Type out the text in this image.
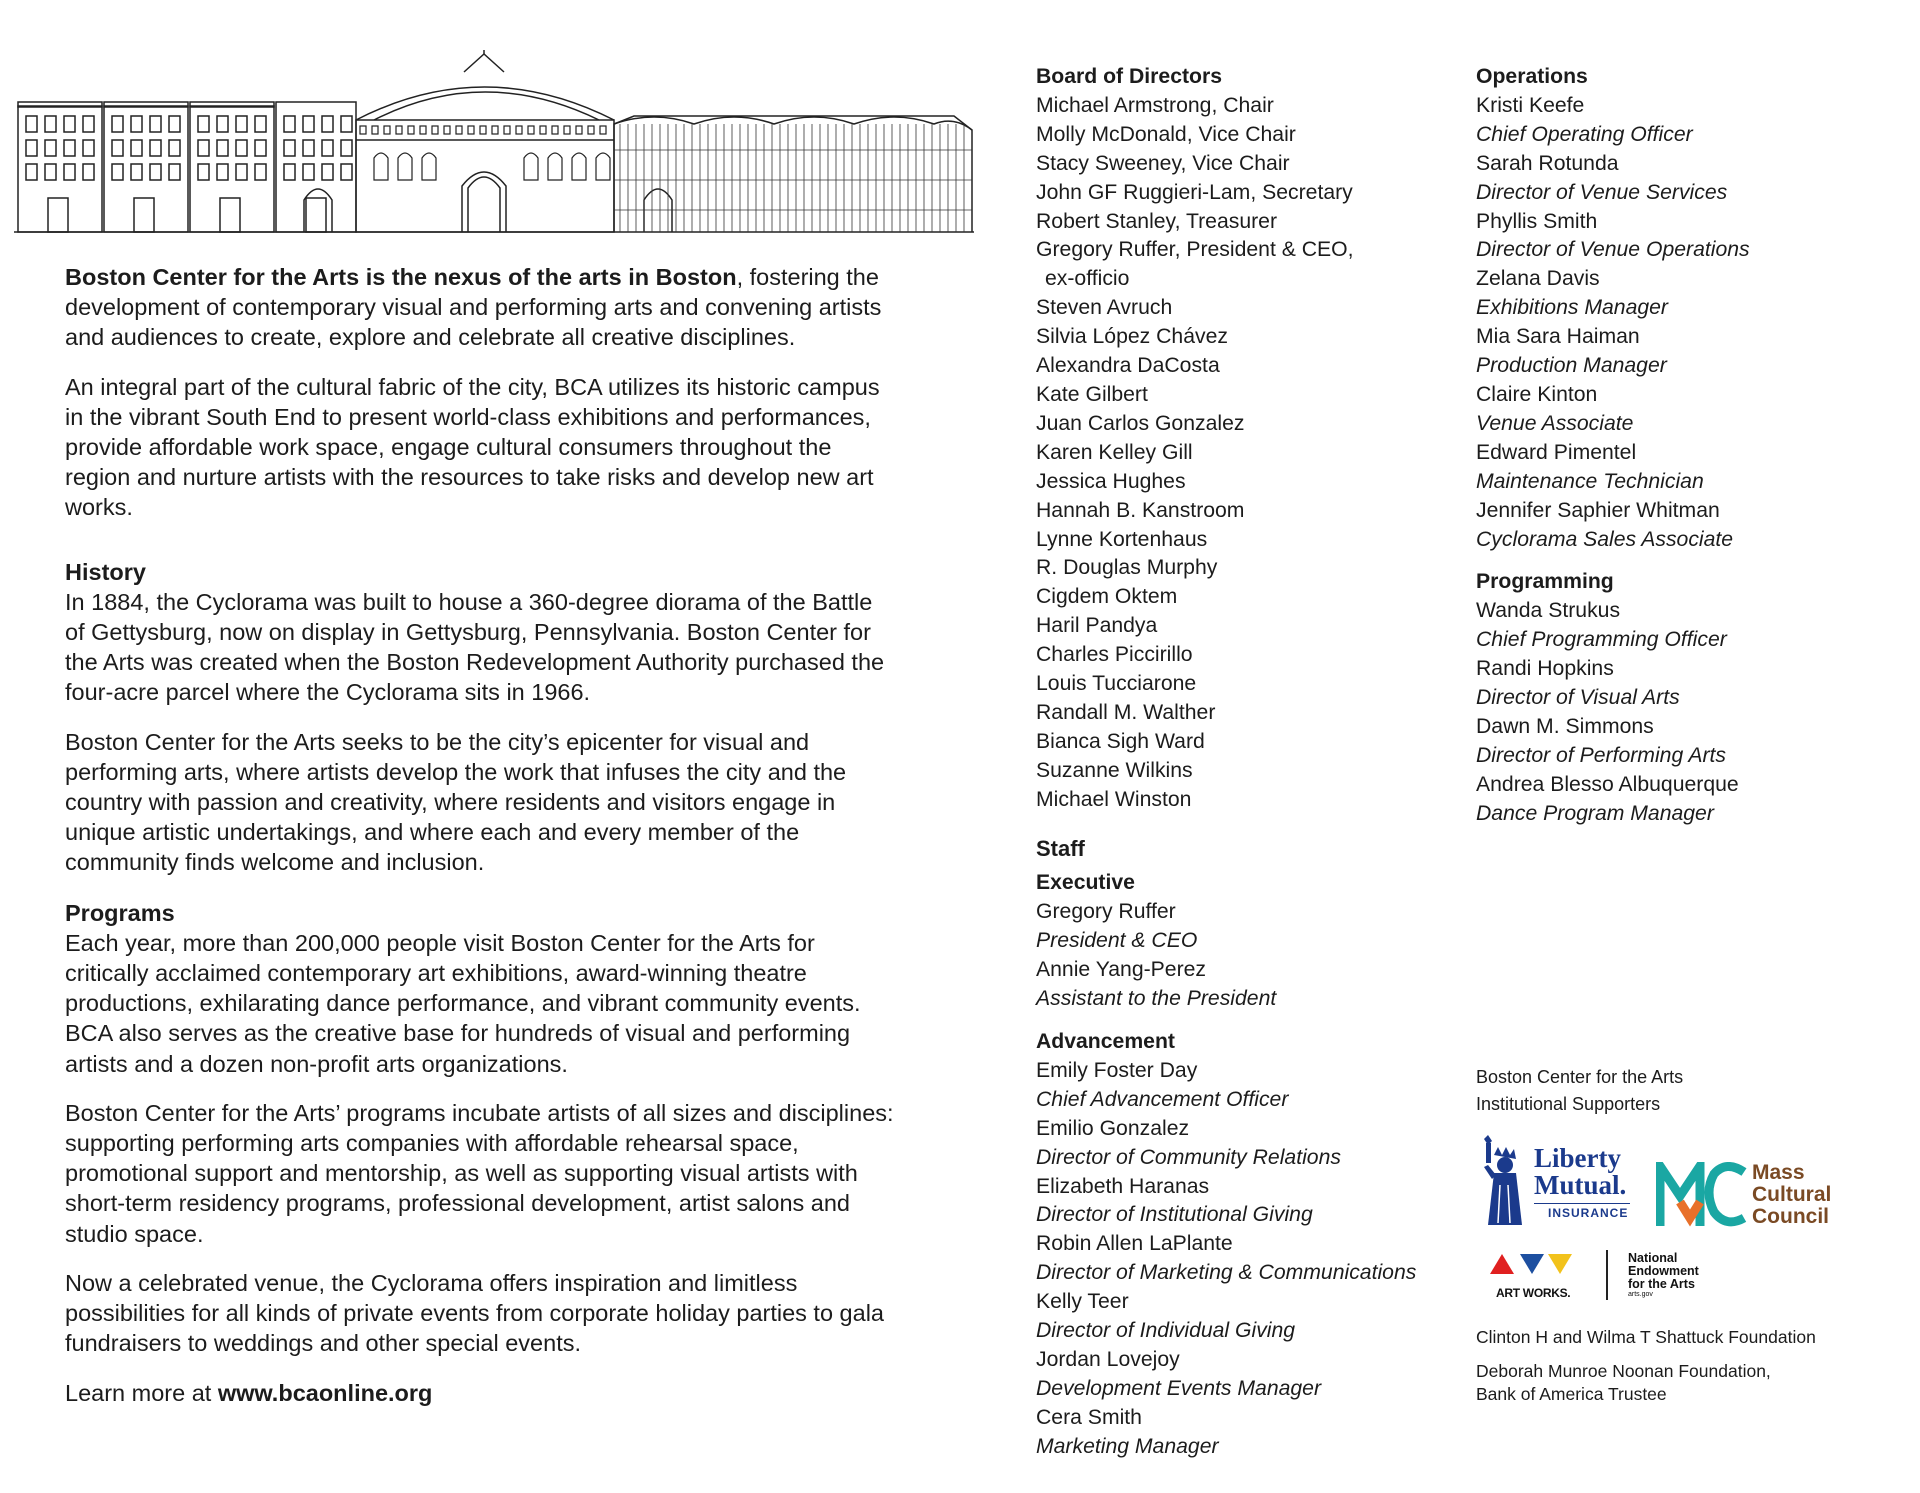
Boston Center for the Arts is the nexus of the arts in Boston, fostering the development of contemporary visual and performing arts and convening artists and audiences to create, explore and celebrate all creative disciplines.

An integral part of the cultural fabric of the city, BCA utilizes its historic campus in the vibrant South End to present world-class exhibitions and performances, provide affordable work space, engage cultural consumers throughout the region and nurture artists with the resources to take risks and develop new art works.

History

In 1884, the Cyclorama was built to house a 360-degree diorama of the Battle of Gettysburg, now on display in Gettysburg, Pennsylvania. Boston Center for the Arts was created when the Boston Redevelopment Authority purchased the four-acre parcel where the Cyclorama sits in 1966.

Boston Center for the Arts seeks to be the city’s epicenter for visual and performing arts, where artists develop the work that infuses the city and the country with passion and creativity, where residents and visitors engage in unique artistic undertakings, and where each and every member of the community finds welcome and inclusion.

Programs

Each year, more than 200,000 people visit Boston Center for the Arts for critically acclaimed contemporary art exhibitions, award-winning theatre productions, exhilarating dance performance, and vibrant community events. BCA also serves as the creative base for hundreds of visual and performing artists and a dozen non-profit arts organizations.

Boston Center for the Arts’ programs incubate artists of all sizes and disciplines: supporting performing arts companies with affordable rehearsal space, promotional support and mentorship, as well as supporting visual artists with short-term residency programs, professional development, artist salons and studio space.

Now a celebrated venue, the Cyclorama offers inspiration and limitless possibilities for all kinds of private events from corporate holiday parties to gala fundraisers to weddings and other special events.

Learn more at www.bcaonline.org

Board of Directors
Michael Armstrong, Chair
Molly McDonald, Vice Chair
Stacy Sweeney, Vice Chair
John GF Ruggieri-Lam, Secretary
Robert Stanley, Treasurer
Gregory Ruffer, President & CEO,
ex-officio
Steven Avruch
Silvia López Chávez
Alexandra DaCosta
Kate Gilbert
Juan Carlos Gonzalez
Karen Kelley Gill
Jessica Hughes
Hannah B. Kanstroom
Lynne Kortenhaus
R. Douglas Murphy
Cigdem Oktem
Haril Pandya
Charles Piccirillo
Louis Tucciarone
Randall M. Walther
Bianca Sigh Ward
Suzanne Wilkins
Michael Winston
Staff
Executive
Gregory Ruffer
President & CEO
Annie Yang-Perez
Assistant to the President
Advancement
Emily Foster Day
Chief Advancement Officer
Emilio Gonzalez
Director of Community Relations
Elizabeth Haranas
Director of Institutional Giving
Robin Allen LaPlante
Director of Marketing & Communications
Kelly Teer
Director of Individual Giving
Jordan Lovejoy
Development Events Manager
Cera Smith
Marketing Manager
Operations
Kristi Keefe
Chief Operating Officer
Sarah Rotunda
Director of Venue Services
Phyllis Smith
Director of Venue Operations
Zelana Davis
Exhibitions Manager
Mia Sara Haiman
Production Manager
Claire Kinton
Venue Associate
Edward Pimentel
Maintenance Technician
Jennifer Saphier Whitman
Cyclorama Sales Associate
Programming
Wanda Strukus
Chief Programming Officer
Randi Hopkins
Director of Visual Arts
Dawn M. Simmons
Director of Performing Arts
Andrea Blesso Albuquerque
Dance Program Manager
Boston Center for the Arts
Institutional Supporters
Liberty
Mutual.
INSURANCE
Mass
Cultural
Council
ART WORKS.
National
Endowment
for the Arts
arts.gov
Clinton H and Wilma T Shattuck Foundation
Deborah Munroe Noonan Foundation,
Bank of America Trustee
